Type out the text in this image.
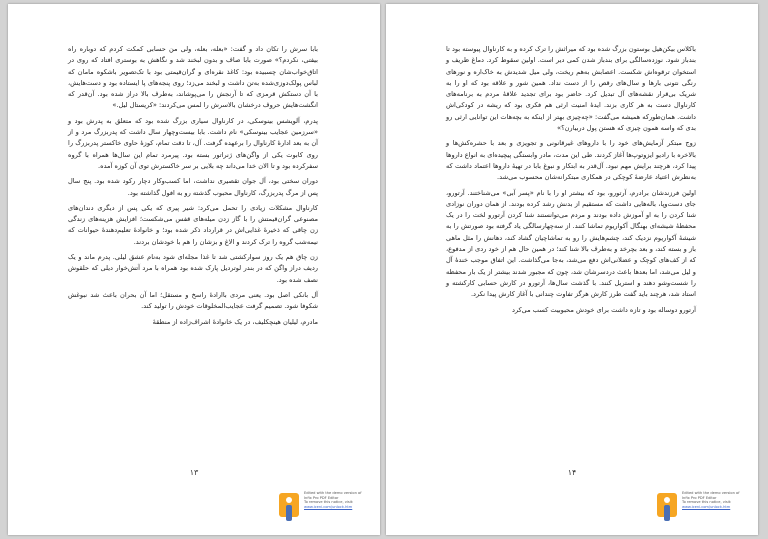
بابا سرش را تکان داد و گفت: «بعله، بعله، ولی من حسابی کمکت کردم که دوباره راه بیفتی، نکردم؟» صورت بابا صاف و بدون لبخند شد و نگاهش به بوستری افتاد که روی در اتاق‌خواب‌شان چسبیده بود: کاغذ نقره‌ای و گران‌قیمتی بود با تک‌تصویر باشکوه مامان که لباس پولک‌دوزی‌شده به‌تن داشت و لبخند می‌زد؛ روی پنجه‌های پا ایستاده بود و دست‌هایش، با آن دستکش قرمزی که تا آرنجش را می‌پوشاند، به‌طرف بالا دراز شده بود. آن‌قدر که انگشت‌هایش حروف درخشان بالاسرش را لمس می‌کردند: «کریستال لیل.»

پدرم، آلویشس بینوسکی، در کارناوال سیاری بزرگ شده بود که متعلق به پدرش بود و «سرزمین عجایب بینوسکی» نام داشت. بابا بیست‌وچهار سال داشت که پدربزرگ مرد و از آن به بعد ادارهٔ کارناوال را برعهده گرفت. آل، تا دقت تمام، کوزهٔ حاوی خاکستر پدربزرگ را روی کابوت یکی از واگن‌های ژنراتور بسته بود. پیرمرد تمام این سال‌ها همراه با گروه سفرکرده بود و تا الان خدا می‌داند چه بلایی بر سر خاکسترش توی آن کوزه آمده.

دوران سختی بود، آل جوان تقصیری نداشت، اما کسب‌وکار دچار رکود شده بود. پنج سال پس از مرگ پدربزرگ، کارناوال محبوب گذشته رو به افول گذاشته بود.

کارناوال مشکلات زیادی را تحمل می‌کرد: شیر پیری که یکی پس از دیگری دندان‌های مصنوعی گران‌قیمتش را با گاز زدن میله‌های قفس می‌شکست؛ افزایش هزینه‌های زندگی زن چاقی که ذخیرهٔ غذایی‌اش در قرارداد ذکر شده بود؛ و خانوادهٔ تعلیم‌دهندهٔ حیوانات که نیمه‌شب گروه را ترک کردند و الاغ و بزشان را هم با خودشان بردند.

زن چاق هم یک روز سوارکشتی شد تا غذا مجله‌ای شود به‌نام عشق لیلی. پدرم ماند و یک ردیف دراز واگن که در بندر لوتردیل پارک شده بود همراه با مرد آتش‌خوار دیلی که حلقوش نصف شده بود.

آل بانکی اصل بود. یعنی مردی باارادهٔ راسخ و مستقل؛ اما آن بحران باعث شد نبوغش شکوفا شود. تصمیم گرفت عجایب‌المخلوقات خودش را تولید کند.

مادرم، لیلیان هینچکلیف، در یک خانوادهٔ اشراف‌زاده از منطقهٔ

۱۳
Edited with the demo version of
Infix Pro PDF Editor
To remove this notice, visit:
www.iceni.com/unlock.htm

باکلاس بیکن‌هیل بوستون بزرگ شده بود که میراثش را ترک کرده و به کارناوال پیوسته بود تا بندباز شود. نوزده‌سالگی برای بندباز شدن کمی دیر است. اولین سقوط کرد. دماغ ظریف و استخوان ترقوه‌اش شکست. اعصابش به‌هم ریخت، ولی میل شدیدش به خاک‌اره و نورهای رنگی نتونی بارها و سال‌های رقص را از دست نداد. همین شور و علاقه بود که او را به شریک بی‌قرار نقشه‌های آل تبدیل کرد. حاضر بود برای تجدید علاقهٔ مردم به برنامه‌های کارناوال دست به هر کاری بزند. ایدهٔ امنیت ارثی هم فکری بود که ریشه در کودکی‌اش داشت. همان‌طورکه همیشه می‌گفت: «چه‌چیزی بهتر از اینکه به بچه‌هات این توانایی ارثی رو بدی که واسه همون چیزی که هستن پول دربیارن؟»

زوج مبتکر آزمایش‌های خود را با داروهای غیرقانونی و تجویزی و بعد با حشره‌کش‌ها و بالاخره با رادیو ایزوتوپ‌ها آغاز کردند. طی این مدت، مادر وابستگی پیچیده‌ای به انواع داروها پیدا کرد، هرچند برایش مهم نبود. آل‌قدر به ابتکار و نبوغ بابا در تهیهٔ داروها اعتماد داشت که به‌نظرش اعتیاد عارضهٔ کوچکی در همکاری مبتکرانه‌شان محسوب می‌شد.

اولین فرزندشان برادرم، آرتورو، بود که بیشتر او را با نام «پسر آبی» می‌شناختند. آرتورو، جای دست‌وپا، باله‌هایی داشت که مستقیم از بدنش رشد کرده بودند. از همان دوران نوزادی شنا کردن را به او آموزش داده بودند و مردم می‌توانستند شنا کردن آرتورو لخت را در یک محفظهٔ شیشه‌ای بهنگال آکواریوم تماشا کنند. از سه‌چهارسالگی یاد گرفته بود صورتش را به شیشهٔ آکواریوم نزدیک کند، چشم‌هایش را رو به تماشاچیان گشاد کند، دهانش را مثل ماهی باز و بسته کند، و بعد بچرخد و به‌طرف بالا شنا کند؛ در همین حال هم از خود ردی از مدفوع، که از کف‌های کوچک و عضلانی‌اش دفع می‌شد، به‌جا می‌گذاشت. این اتفاق موجب خندهٔ آل و لیل می‌شد، اما بعدها باعث دردسرشان شد، چون که مجبور شدند بیشتر از یک بار محفظه را شست‌وشو دهند و استریل کنند. با گذشت سال‌ها، آرتورو در کارش حسابی کارکشته و استاد شد، هرچند باید گفت طرز کارش هرگز تفاوت چندانی با آغاز کارش پیدا نکرد.

آرتورو دوساله بود و تازه داشت برای خودش محبوبیت کسب می‌کرد

۱۴
Edited with the demo version of
Infix Pro PDF Editor
To remove this notice, visit:
www.iceni.com/unlock.htm
